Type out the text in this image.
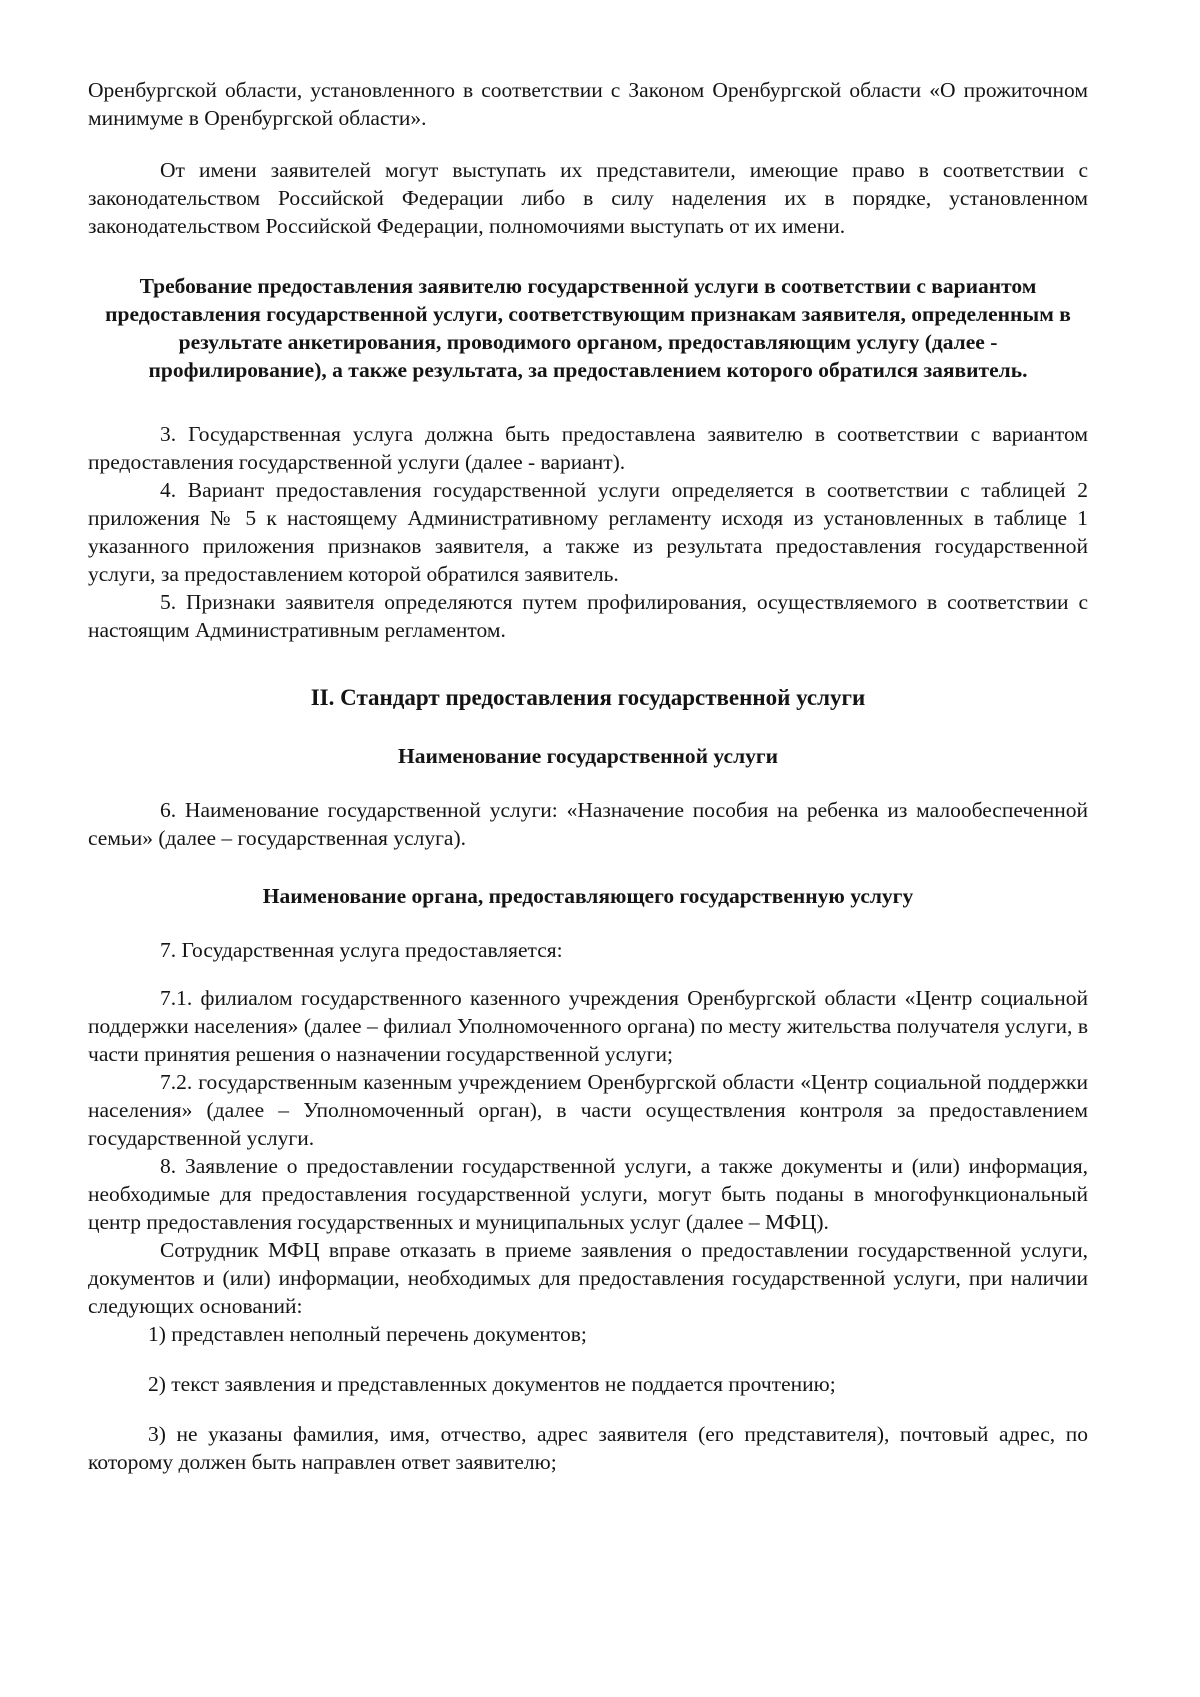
Оренбургской области, установленного в соответствии с Законом Оренбургской области «О прожиточном минимуме в Оренбургской области».

От имени заявителей могут выступать их представители, имеющие право в соответствии с законодательством Российской Федерации либо в силу наделения их в порядке, установленном законодательством Российской Федерации, полномочиями выступать от их имени.

Требование предоставления заявителю государственной услуги в соответствии с вариантом предоставления государственной услуги, соответствующим признакам заявителя, определенным в результате анкетирования, проводимого органом, предоставляющим услугу (далее - профилирование), а также результата, за предоставлением которого обратился заявитель.

3. Государственная услуга должна быть предоставлена заявителю в соответствии с вариантом предоставления государственной услуги (далее - вариант).

4. Вариант предоставления государственной услуги определяется в соответствии с таблицей 2 приложения № 5 к настоящему Административному регламенту исходя из установленных в таблице 1 указанного приложения признаков заявителя, а также из результата предоставления государственной услуги, за предоставлением которой обратился заявитель.

5. Признаки заявителя определяются путем профилирования, осуществляемого в соответствии с настоящим Административным регламентом.

II. Стандарт предоставления государственной услуги

Наименование государственной услуги

6. Наименование государственной услуги: «Назначение пособия на ребенка из малообеспеченной семьи» (далее – государственная услуга).

Наименование органа, предоставляющего государственную услугу

7. Государственная услуга предоставляется:

7.1. филиалом государственного казенного учреждения Оренбургской области «Центр социальной поддержки населения» (далее – филиал Уполномоченного органа) по месту жительства получателя услуги, в части принятия решения о назначении государственной услуги;

7.2. государственным казенным учреждением Оренбургской области «Центр социальной поддержки населения» (далее – Уполномоченный орган), в части осуществления контроля за предоставлением государственной услуги.

8. Заявление о предоставлении государственной услуги, а также документы и (или) информация, необходимые для предоставления государственной услуги, могут быть поданы в многофункциональный центр предоставления государственных и муниципальных услуг (далее – МФЦ).

Сотрудник МФЦ вправе отказать в приеме заявления о предоставлении государственной услуги, документов и (или) информации, необходимых для предоставления государственной услуги, при наличии следующих оснований:

1) представлен неполный перечень документов;

2) текст заявления и представленных документов не поддается прочтению;

3) не указаны фамилия, имя, отчество, адрес заявителя (его представителя), почтовый адрес, по которому должен быть направлен ответ заявителю;
